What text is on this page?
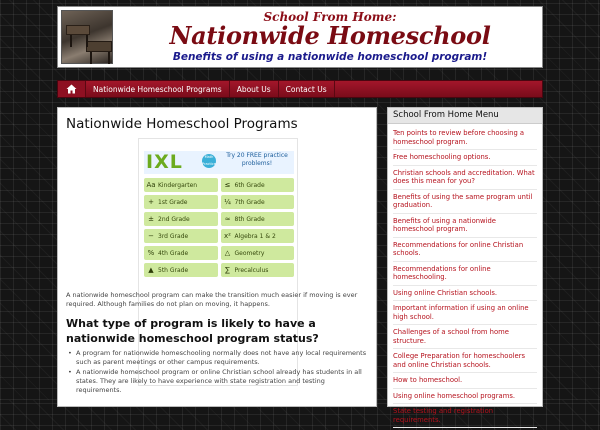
School From Home:
Nationwide Homeschool
Benefits of using a nationwide homeschool program!
Nationwide Homeschool Programs	About Us	Contact Us
Nationwide Homeschool Programs
IXL	Math Practice
Try 20 FREE practice problems!
Aa Kindergarten	≤ 6th Grade
+ 1st Grade	¼ 7th Grade
± 2nd Grade	≈ 8th Grade
− 3rd Grade	x² Algebra 1 & 2
% 4th Grade	△ Geometry
▲ 5th Grade	∑ Precalculus
A nationwide homeschool program can make the transition much easier if moving is ever required. Although families do not plan on moving, it happens.
What type of program is likely to have a nationwide homeschool program status?
• A program for nationwide homeschooling normally does not have any local requirements such as parent meetings or other campus requirements.
• A nationwide homeschool program or online Christian school already has students in all states. They are likely to have experience with state registration and testing requirements.
School From Home Menu
Ten points to review before choosing a homeschool program.
Free homeschooling options.
Christian schools and accreditation. What does this mean for you?
Benefits of using the same program until graduation.
Benefits of using a nationwide homeschool program.
Recommendations for online Christian schools.
Recommendations for online homeschooling.
Using online Christian schools.
Important information if using an online high school.
Challenges of a school from home structure.
College Preparation for homeschoolers and online Christian schools.
How to homeschool.
Using online homeschool programs.
State testing and registration requirements.
